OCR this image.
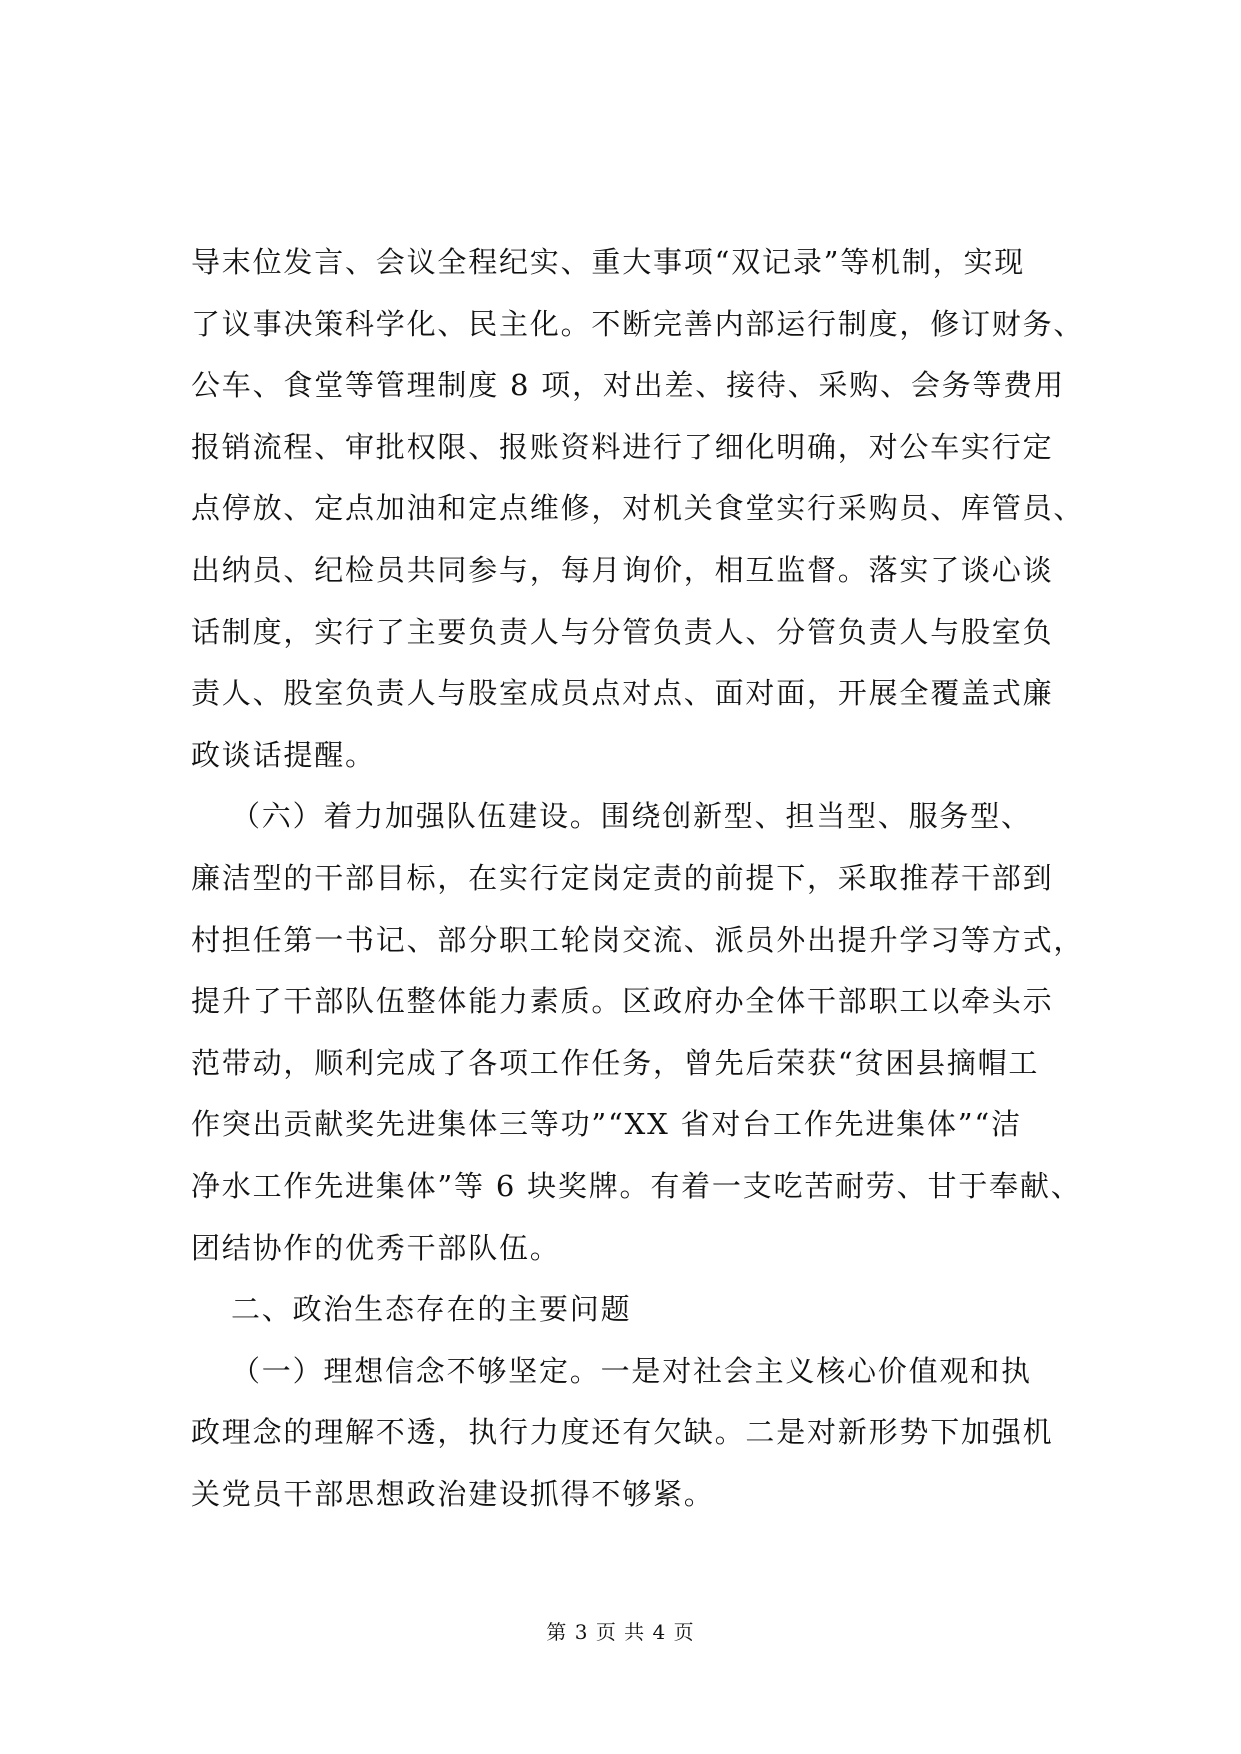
导末位发言、会议全程纪实、重大事项“双记录”等机制，实现
了议事决策科学化、民主化。不断完善内部运行制度，修订财务、
公车、食堂等管理制度 8 项，对出差、接待、采购、会务等费用
报销流程、审批权限、报账资料进行了细化明确，对公车实行定
点停放、定点加油和定点维修，对机关食堂实行采购员、库管员、
出纳员、纪检员共同参与，每月询价，相互监督。落实了谈心谈
话制度，实行了主要负责人与分管负责人、分管负责人与股室负
责人、股室负责人与股室成员点对点、面对面，开展全覆盖式廉
政谈话提醒。
（六）着力加强队伍建设。围绕创新型、担当型、服务型、
廉洁型的干部目标，在实行定岗定责的前提下，采取推荐干部到
村担任第一书记、部分职工轮岗交流、派员外出提升学习等方式，
提升了干部队伍整体能力素质。区政府办全体干部职工以牵头示
范带动，顺利完成了各项工作任务，曾先后荣获“贫困县摘帽工
作突出贡献奖先进集体三等功”“XX 省对台工作先进集体”“洁
净水工作先进集体”等 6 块奖牌。有着一支吃苦耐劳、甘于奉献、
团结协作的优秀干部队伍。
二、政治生态存在的主要问题
（一）理想信念不够坚定。一是对社会主义核心价值观和执
政理念的理解不透，执行力度还有欠缺。二是对新形势下加强机
关党员干部思想政治建设抓得不够紧。
第 3 页 共 4 页
